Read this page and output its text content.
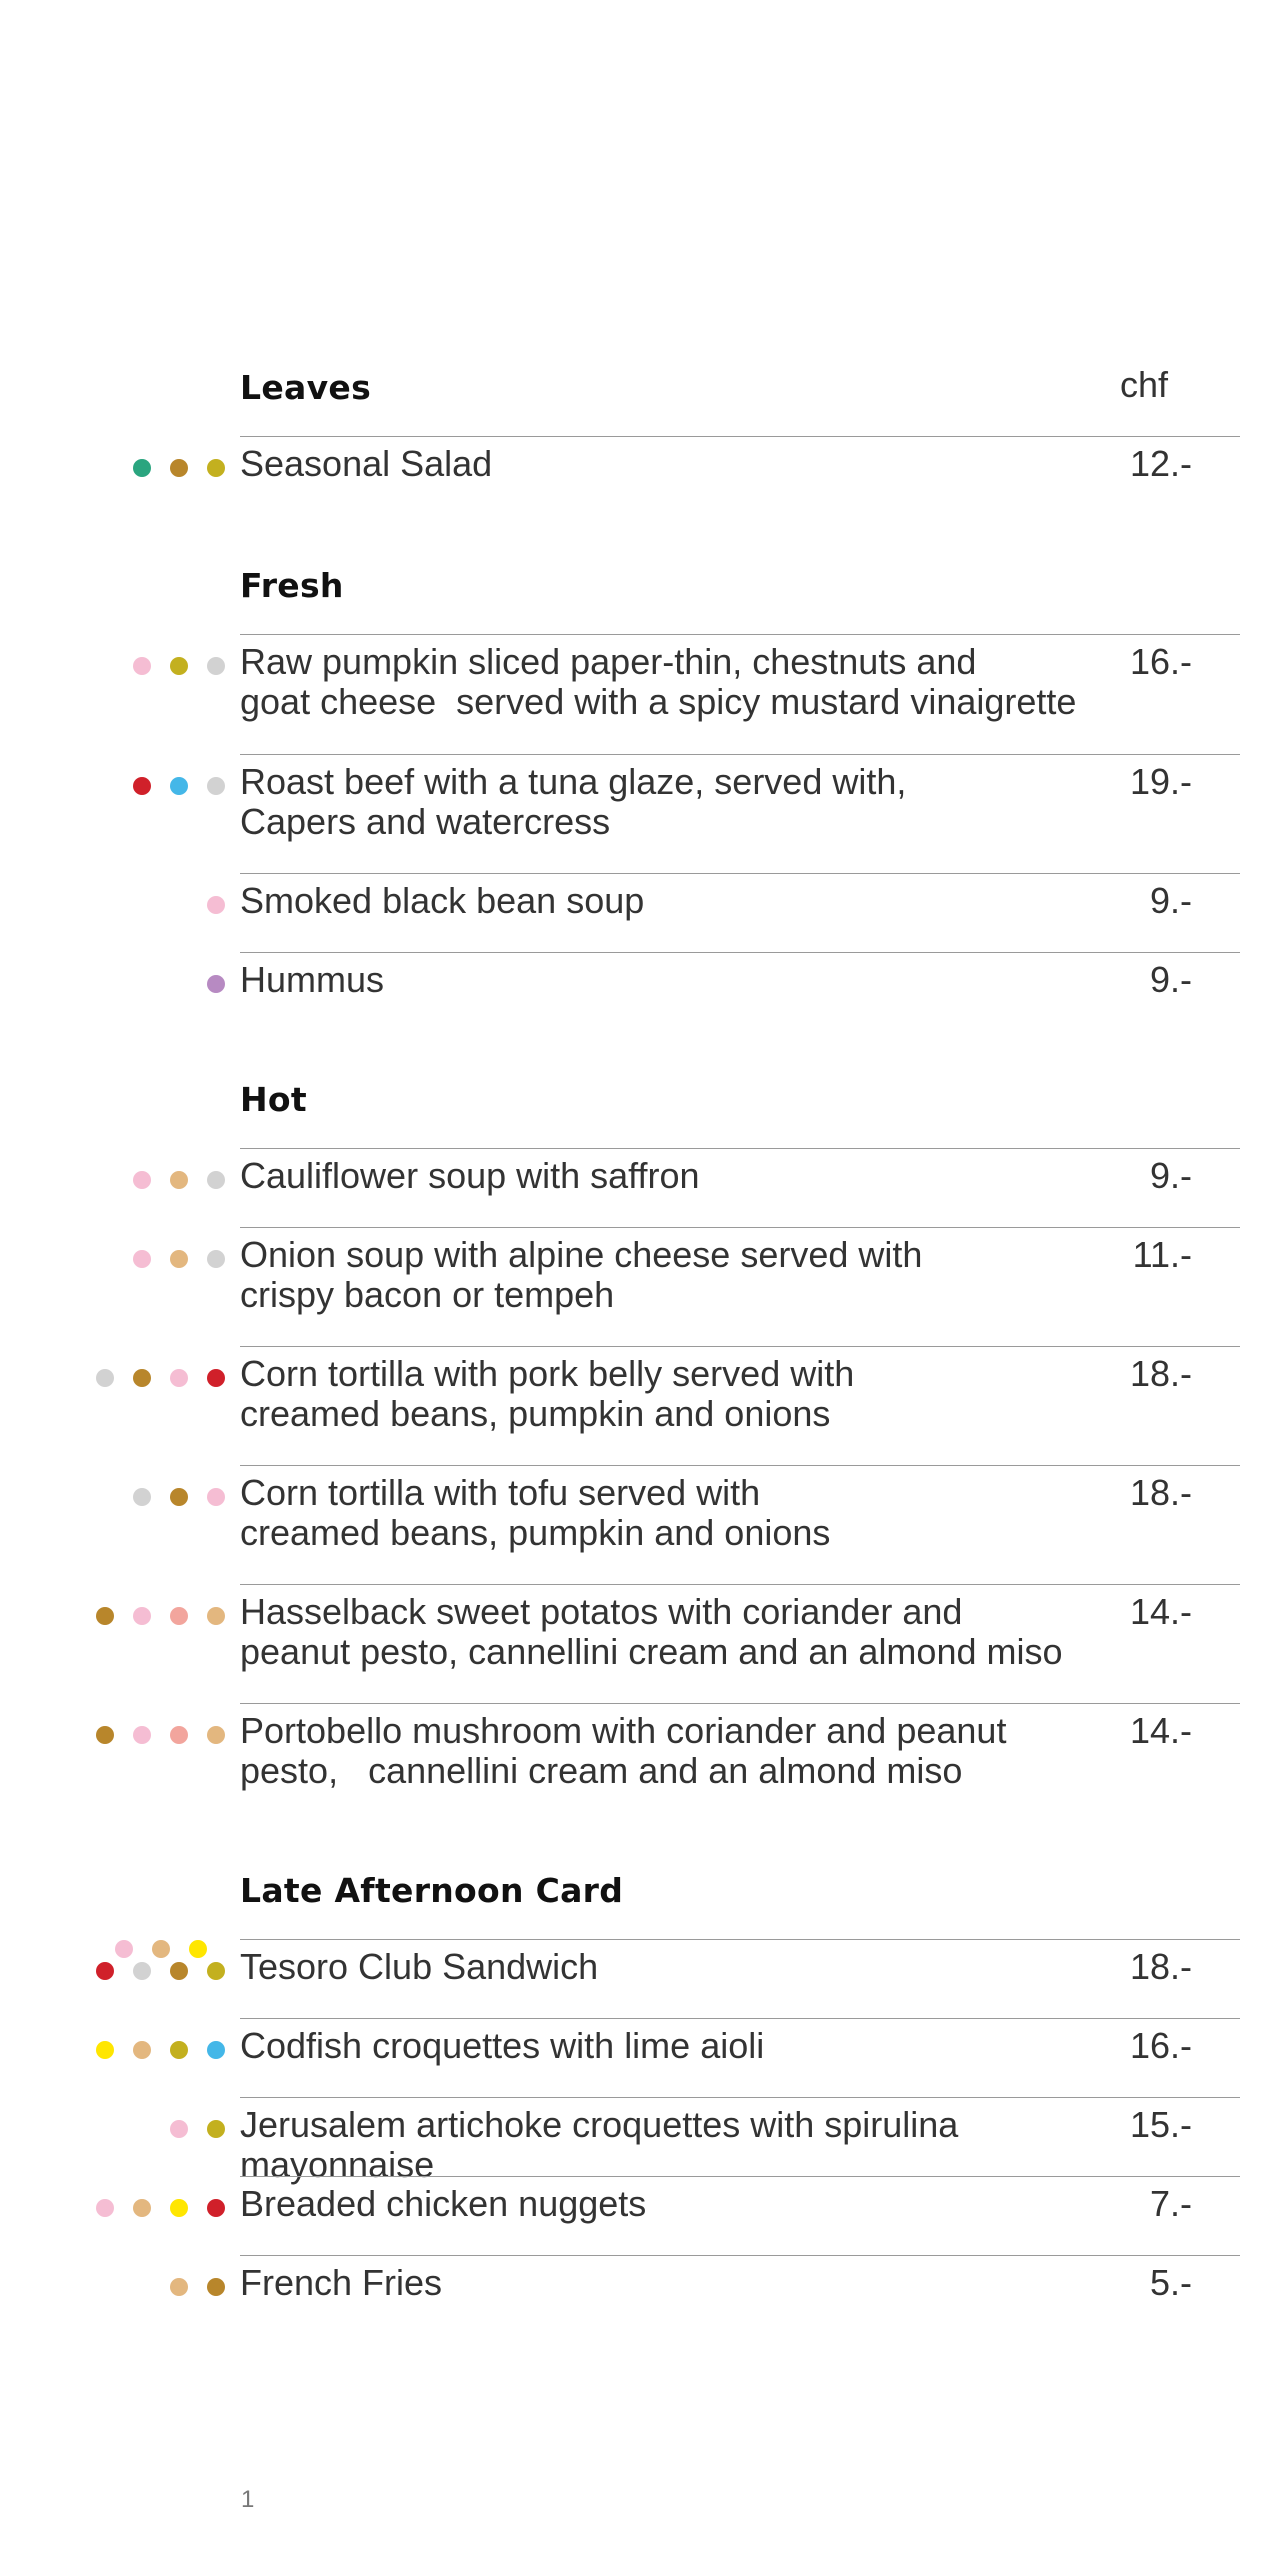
Leaves	chf
Seasonal Salad	12.-
Fresh
Raw pumpkin sliced paper-thin, chestnuts and
goat cheese  served with a spicy mustard vinaigrette
16.-
Roast beef with a tuna glaze, served with,
Capers and watercress
19.-
Smoked black bean soup	9.-
Hummus	9.-
Hot
Cauliflower soup with saffron	9.-
Onion soup with alpine cheese served with
crispy bacon or tempeh
11.-
Corn tortilla with pork belly served with
creamed beans, pumpkin and onions
18.-
Corn tortilla with tofu served with
creamed beans, pumpkin and onions
18.-
Hasselback sweet potatos with coriander and
peanut pesto, cannellini cream and an almond miso
14.-
Portobello mushroom with coriander and peanut
pesto,   cannellini cream and an almond miso
14.-
Late Afternoon Card
Tesoro Club Sandwich	18.-
Codfish croquettes with lime aioli	16.-
Jerusalem artichoke croquettes with spirulina mayonnaise
15.-
Breaded chicken nuggets	7.-
French Fries	5.-
1
